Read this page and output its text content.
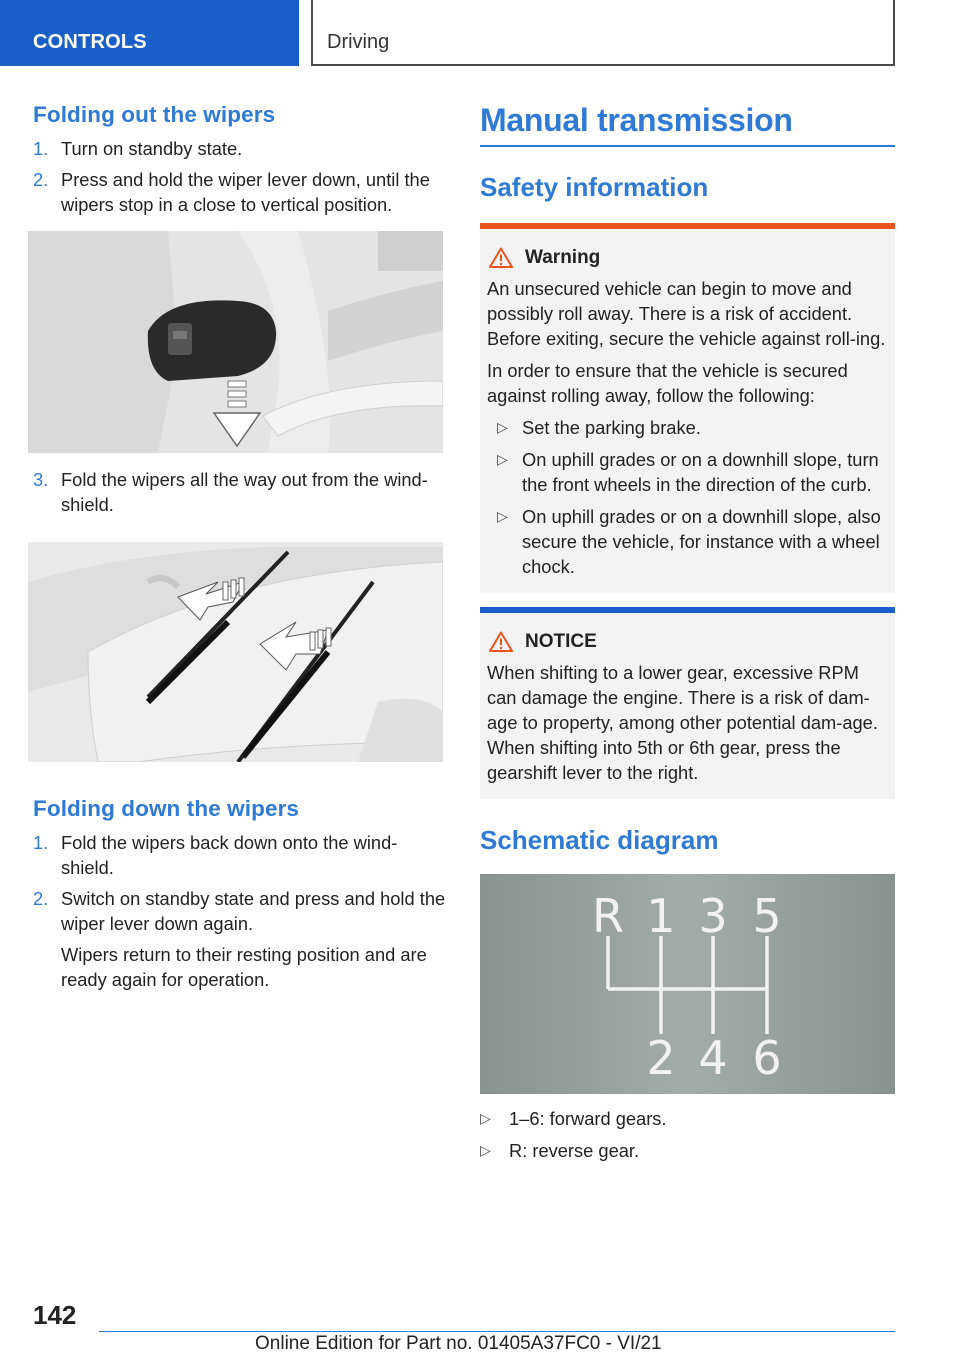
CONTROLS	Driving
Folding out the wipers
1. Turn on standby state.
2. Press and hold the wiper lever down, until the wipers stop in a close to vertical position.
3. Fold the wipers all the way out from the wind‐shield.
Folding down the wipers
1. Fold the wipers back down onto the wind‐shield.
2. Switch on standby state and press and hold the wiper lever down again.
Wipers return to their resting position and are ready again for operation.
Manual transmission
Safety information
Warning

An unsecured vehicle can begin to move and possibly roll away. There is a risk of accident. Before exiting, secure the vehicle against roll‐ing.

In order to ensure that the vehicle is secured against rolling away, follow the following:

▷ Set the parking brake.
▷ On uphill grades or on a downhill slope, turn the front wheels in the direction of the curb.
▷ On uphill grades or on a downhill slope, also secure the vehicle, for instance with a wheel chock.
NOTICE

When shifting to a lower gear, excessive RPM can damage the engine. There is a risk of dam‐age to property, among other potential dam‐age. When shifting into 5th or 6th gear, press the gearshift lever to the right.

Schematic diagram
R 1 3 5
2 4 6
▷ 1–6: forward gears.
▷ R: reverse gear.
142
Online Edition for Part no. 01405A37FC0 - VI/21
